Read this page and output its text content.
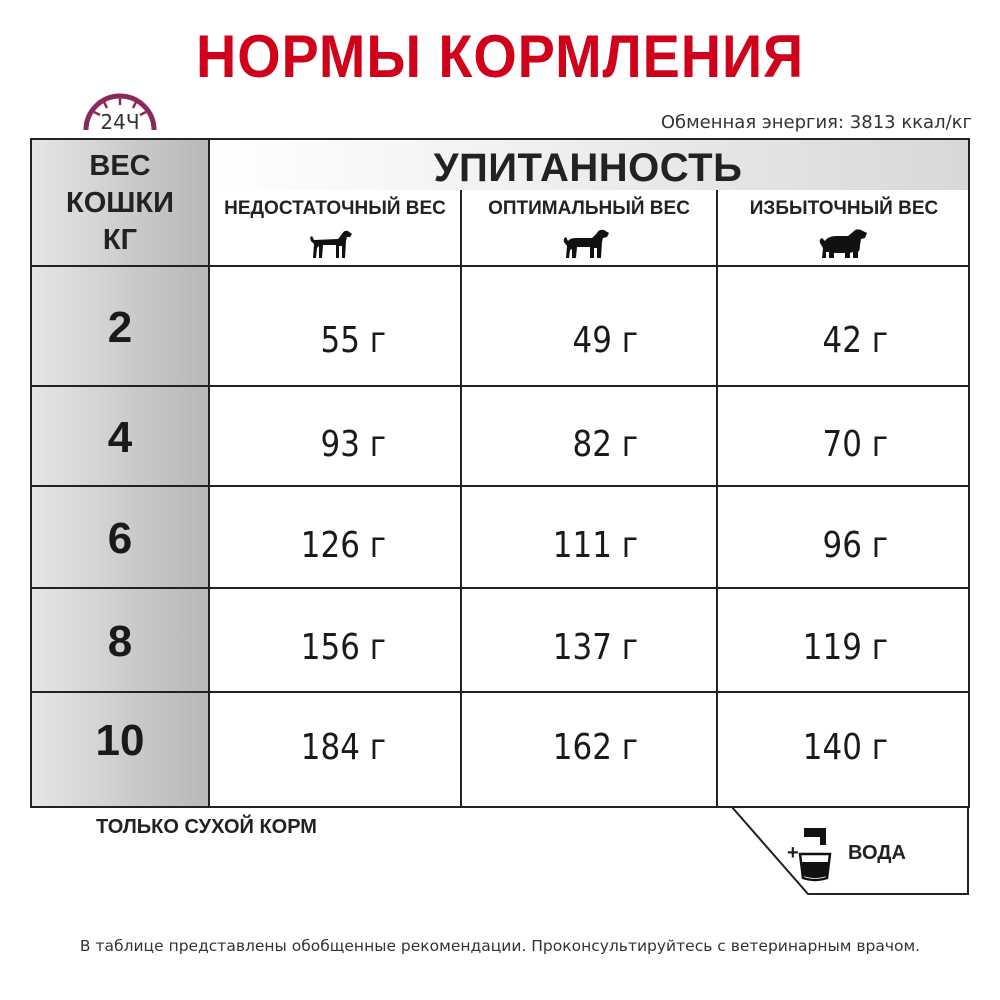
НОРМЫ КОРМЛЕНИЯ
24Ч	Обменная энергия: 3813 ккал/кг
ВЕС
КОШКИ
КГ
УПИТАННОСТЬ
НЕДОСТАТОЧНЫЙ ВЕС	ОПТИМАЛЬНЫЙ ВЕС	ИЗБЫТОЧНЫЙ ВЕС
2	55 г	49 г	42 г
4	93 г	82 г	70 г
6	126 г	111 г	96 г
8	156 г	137 г	119 г
10	184 г	162 г	140 г
ТОЛЬКО СУХОЙ КОРМ
+ ВОДА
В таблице представлены обобщенные рекомендации. Проконсультируйтесь с ветеринарным врачом.
